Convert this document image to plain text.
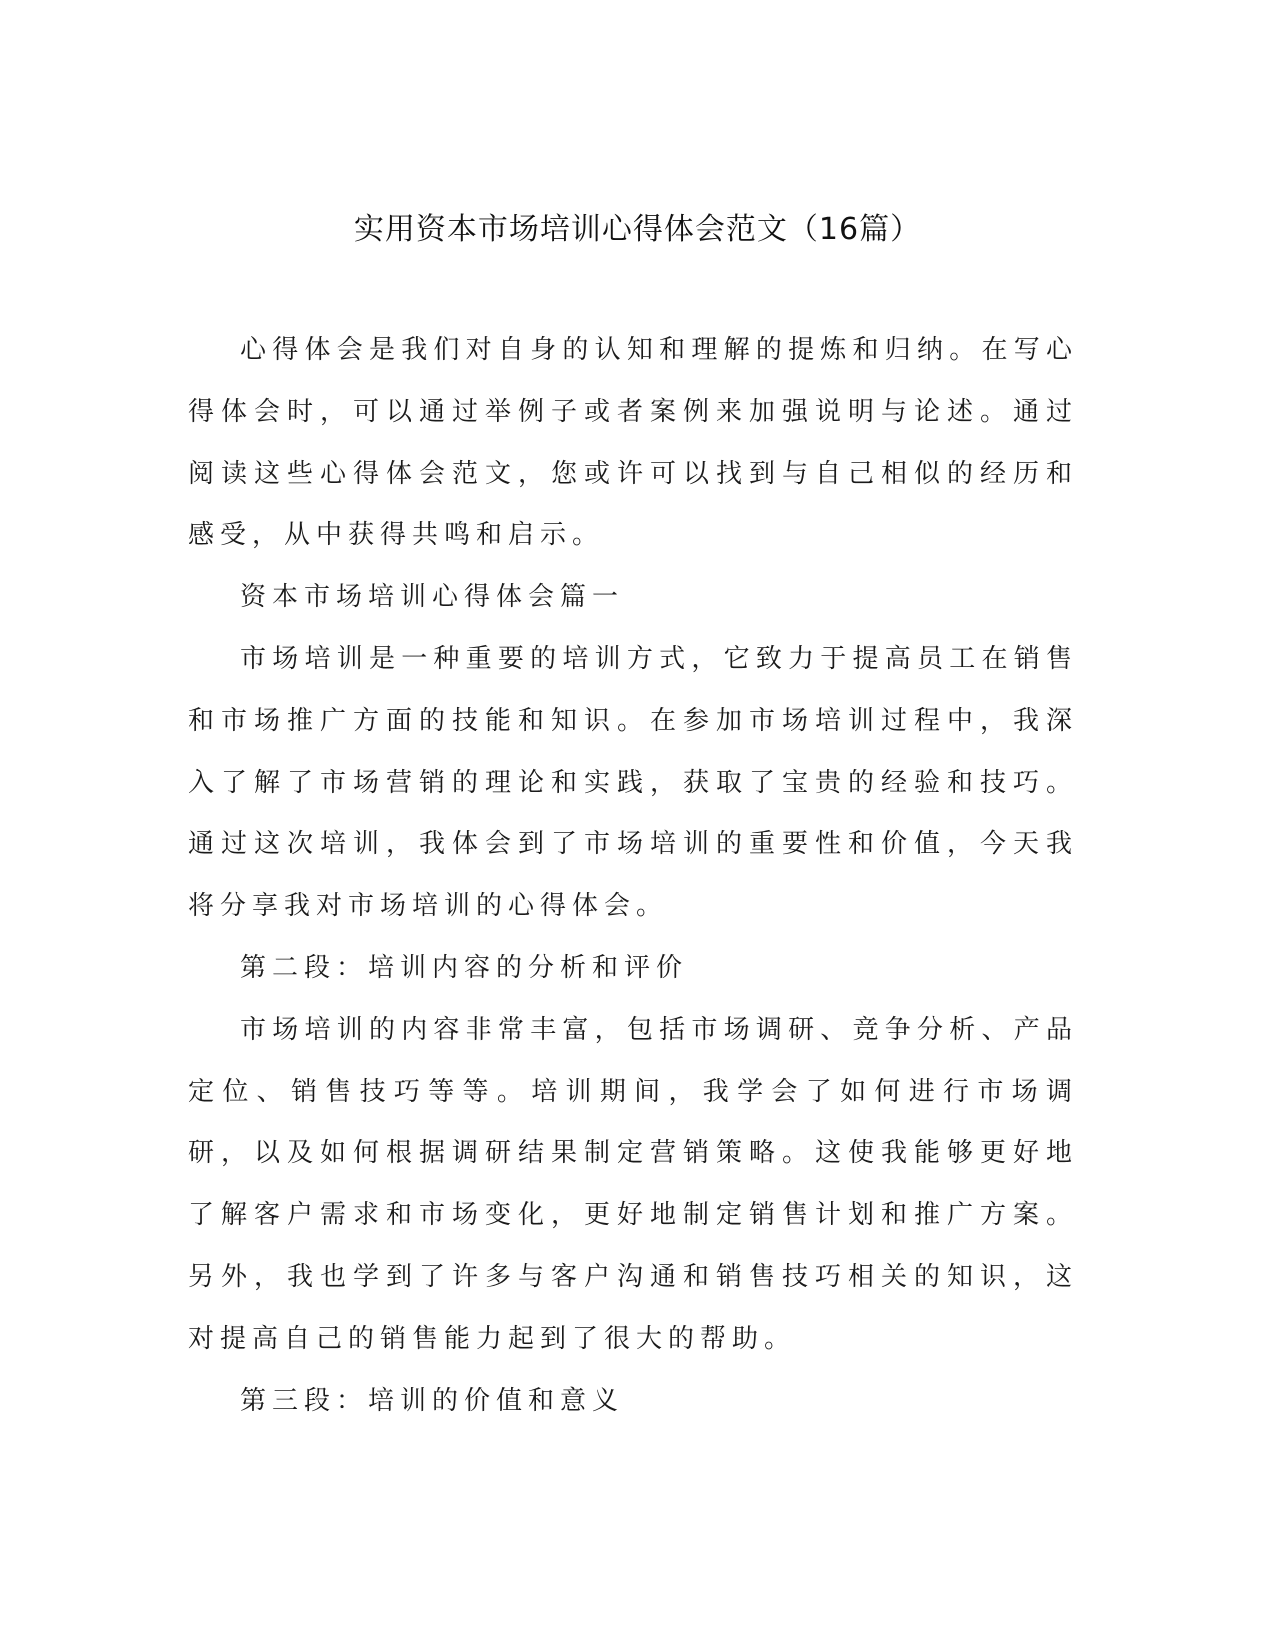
实用资本市场培训心得体会范文（16篇）

心得体会是我们对自身的认知和理解的提炼和归纳。在写心得体会时，可以通过举例子或者案例来加强说明与论述。通过阅读这些心得体会范文，您或许可以找到与自己相似的经历和感受，从中获得共鸣和启示。

资本市场培训心得体会篇一

市场培训是一种重要的培训方式，它致力于提高员工在销售和市场推广方面的技能和知识。在参加市场培训过程中，我深入了解了市场营销的理论和实践，获取了宝贵的经验和技巧。通过这次培训，我体会到了市场培训的重要性和价值，今天我将分享我对市场培训的心得体会。

第二段：培训内容的分析和评价

市场培训的内容非常丰富，包括市场调研、竞争分析、产品定位、销售技巧等等。培训期间，我学会了如何进行市场调研，以及如何根据调研结果制定营销策略。这使我能够更好地了解客户需求和市场变化，更好地制定销售计划和推广方案。另外，我也学到了许多与客户沟通和销售技巧相关的知识，这对提高自己的销售能力起到了很大的帮助。

第三段：培训的价值和意义
